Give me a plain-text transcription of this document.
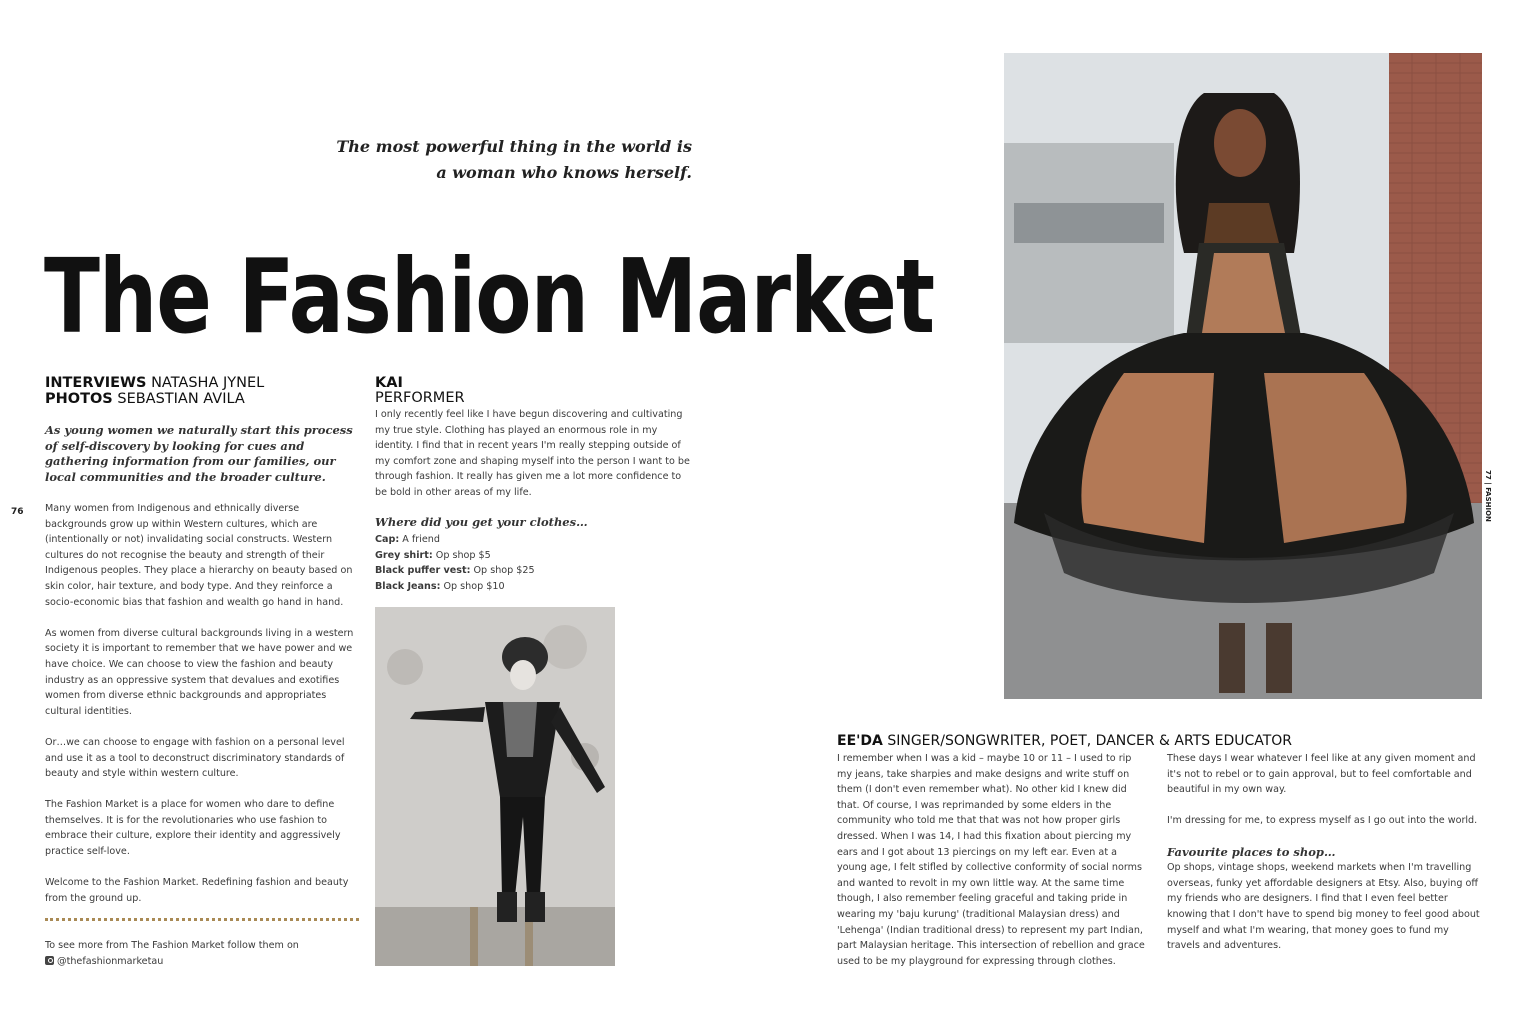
The most powerful thing in the world is
a woman who knows herself.
The Fashion Market
INTERVIEWS NATASHA JYNEL
PHOTOS SEBASTIAN AVILA
As young women we naturally start this process of self-discovery by looking for cues and gathering information from our families, our local communities and the broader culture.

Many women from Indigenous and ethnically diverse backgrounds grow up within Western cultures, which are (intentionally or not) invalidating social constructs. Western cultures do not recognise the beauty and strength of their Indigenous peoples. They place a hierarchy on beauty based on skin color, hair texture, and body type. And they reinforce a socio-economic bias that fashion and wealth go hand in hand.

As women from diverse cultural backgrounds living in a western society it is important to remember that we have power and we have choice. We can choose to view the fashion and beauty industry as an oppressive system that devalues and exotifies women from diverse ethnic backgrounds and appropriates cultural identities.

Or…we can choose to engage with fashion on a personal level and use it as a tool to deconstruct discriminatory standards of beauty and style within western culture.

The Fashion Market is a place for women who dare to define themselves. It is for the revolutionaries who use fashion to embrace their culture, explore their identity and aggressively practice self-love.

Welcome to the Fashion Market. Redefining fashion and beauty from the ground up.

To see more from The Fashion Market follow them on
@thefashionmarketau
KAI
PERFORMER
I only recently feel like I have begun discovering and cultivating my true style. Clothing has played an enormous role in my identity. I find that in recent years I'm really stepping outside of my comfort zone and shaping myself into the person I want to be through fashion. It really has given me a lot more confidence to be bold in other areas of my life.
Where did you get your clothes…
Cap: A friend
Grey shirt: Op shop $5
Black puffer vest: Op shop $25
Black Jeans: Op shop $10
76
77 | FASHION
EE'DA SINGER/SONGWRITER, POET, DANCER & ARTS EDUCATOR
I remember when I was a kid – maybe 10 or 11 – I used to rip my jeans, take sharpies and make designs and write stuff on them (I don't even remember what). No other kid I knew did that. Of course, I was reprimanded by some elders in the community who told me that that was not how proper girls dressed. When I was 14, I had this fixation about piercing my ears and I got about 13 piercings on my left ear. Even at a young age, I felt stifled by collective conformity of social norms and wanted to revolt in my own little way. At the same time though, I also remember feeling graceful and taking pride in wearing my 'baju kurung' (traditional Malaysian dress) and 'Lehenga' (Indian traditional dress) to represent my part Indian, part Malaysian heritage. This intersection of rebellion and grace used to be my playground for expressing through clothes.

These days I wear whatever I feel like at any given moment and it's not to rebel or to gain approval, but to feel comfortable and beautiful in my own way.

I'm dressing for me, to express myself as I go out into the world.

Favourite places to shop…
Op shops, vintage shops, weekend markets when I'm travelling overseas, funky yet affordable designers at Etsy. Also, buying off my friends who are designers. I find that I even feel better knowing that I don't have to spend big money to feel good about myself and what I'm wearing, that money goes to fund my travels and adventures.
